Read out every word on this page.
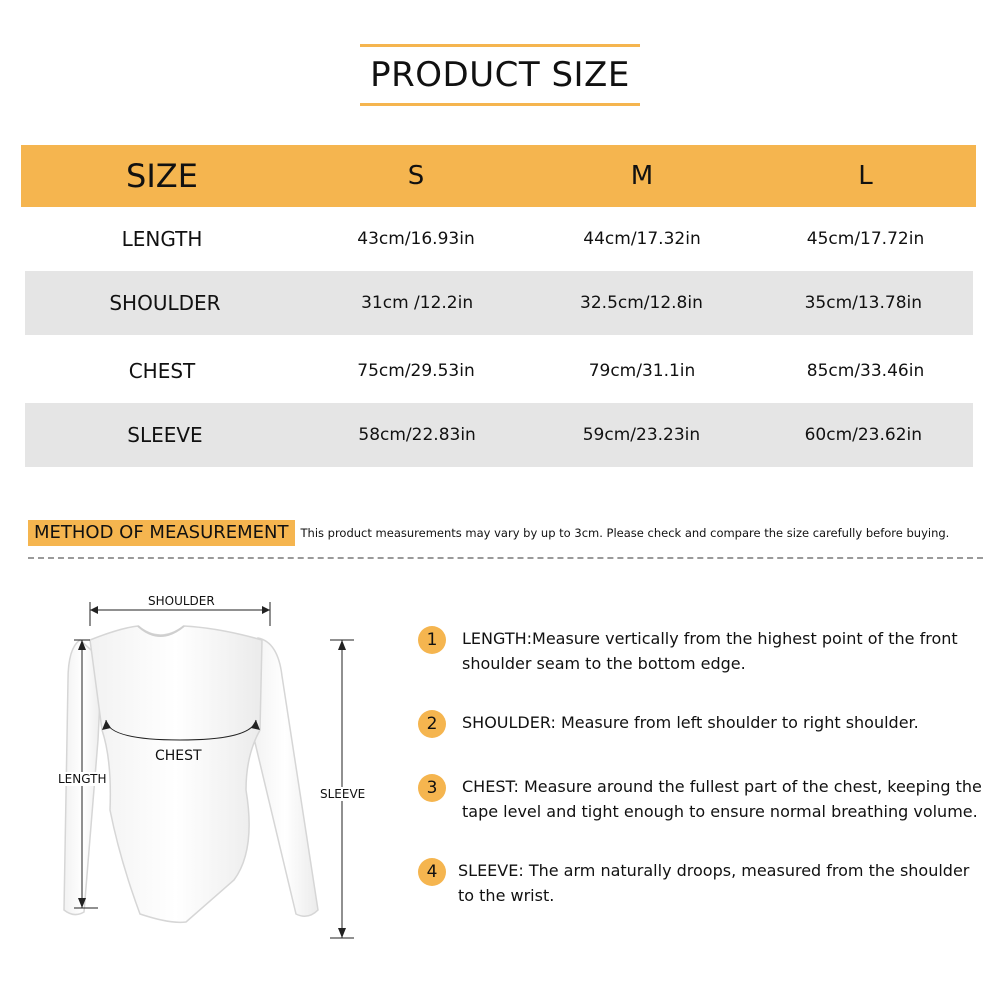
PRODUCT SIZE
SIZE	S	M	L
LENGTH	43cm/16.93in	44cm/17.32in	45cm/17.72in
SHOULDER	31cm /12.2in	32.5cm/12.8in	35cm/13.78in
CHEST	75cm/29.53in	79cm/31.1in	85cm/33.46in
SLEEVE	58cm/22.83in	59cm/23.23in	60cm/23.62in
METHOD OF MEASUREMENT	This product measurements may vary by up to 3cm. Please check and compare the size carefully before buying.
SHOULDER
CHEST
LENGTH
SLEEVE
1	LENGTH:Measure vertically from the highest point of the front shoulder seam to the bottom edge.
2	SHOULDER: Measure from left shoulder to right shoulder.
3	CHEST: Measure around the fullest part of the chest, keeping the tape level and tight enough to ensure normal breathing volume.
4	SLEEVE: The arm naturally droops, measured from the shoulder to the wrist.
